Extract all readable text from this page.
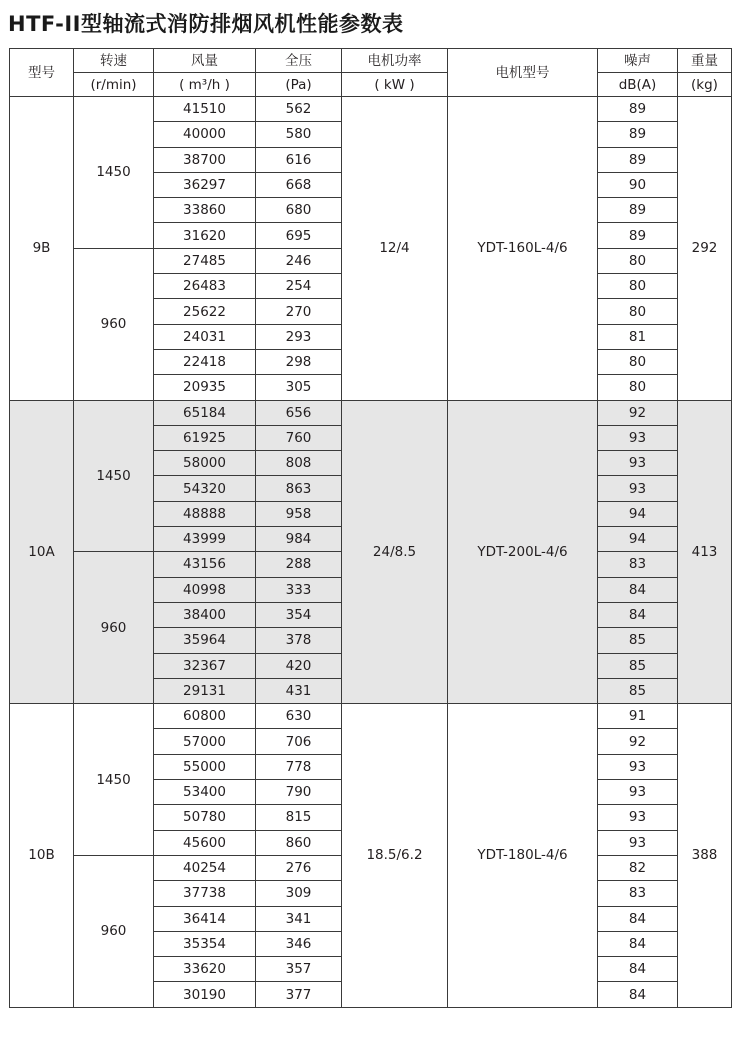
HTF-II型轴流式消防排烟风机性能参数表
型号	转速	风量	全压	电机功率	电机型号	噪声	重量
	(r/min)	( m³/h )	(Pa)	( kW )		dB(A)	(kg)
9B	1450	41510	562	12/4	YDT-160L-4/6	89	292
		40000	580			89	
		38700	616			89	
		36297	668			90	
		33860	680			89	
		31620	695			89	
	960	27485	246			80	
		26483	254			80	
		25622	270			80	
		24031	293			81	
		22418	298			80	
		20935	305			80	
10A	1450	65184	656	24/8.5	YDT-200L-4/6	92	413
		61925	760			93	
		58000	808			93	
		54320	863			93	
		48888	958			94	
		43999	984			94	
	960	43156	288			83	
		40998	333			84	
		38400	354			84	
		35964	378			85	
		32367	420			85	
		29131	431			85	
10B	1450	60800	630	18.5/6.2	YDT-180L-4/6	91	388
		57000	706			92	
		55000	778			93	
		53400	790			93	
		50780	815			93	
		45600	860			93	
	960	40254	276			82	
		37738	309			83	
		36414	341			84	
		35354	346			84	
		33620	357			84	
		30190	377			84	
